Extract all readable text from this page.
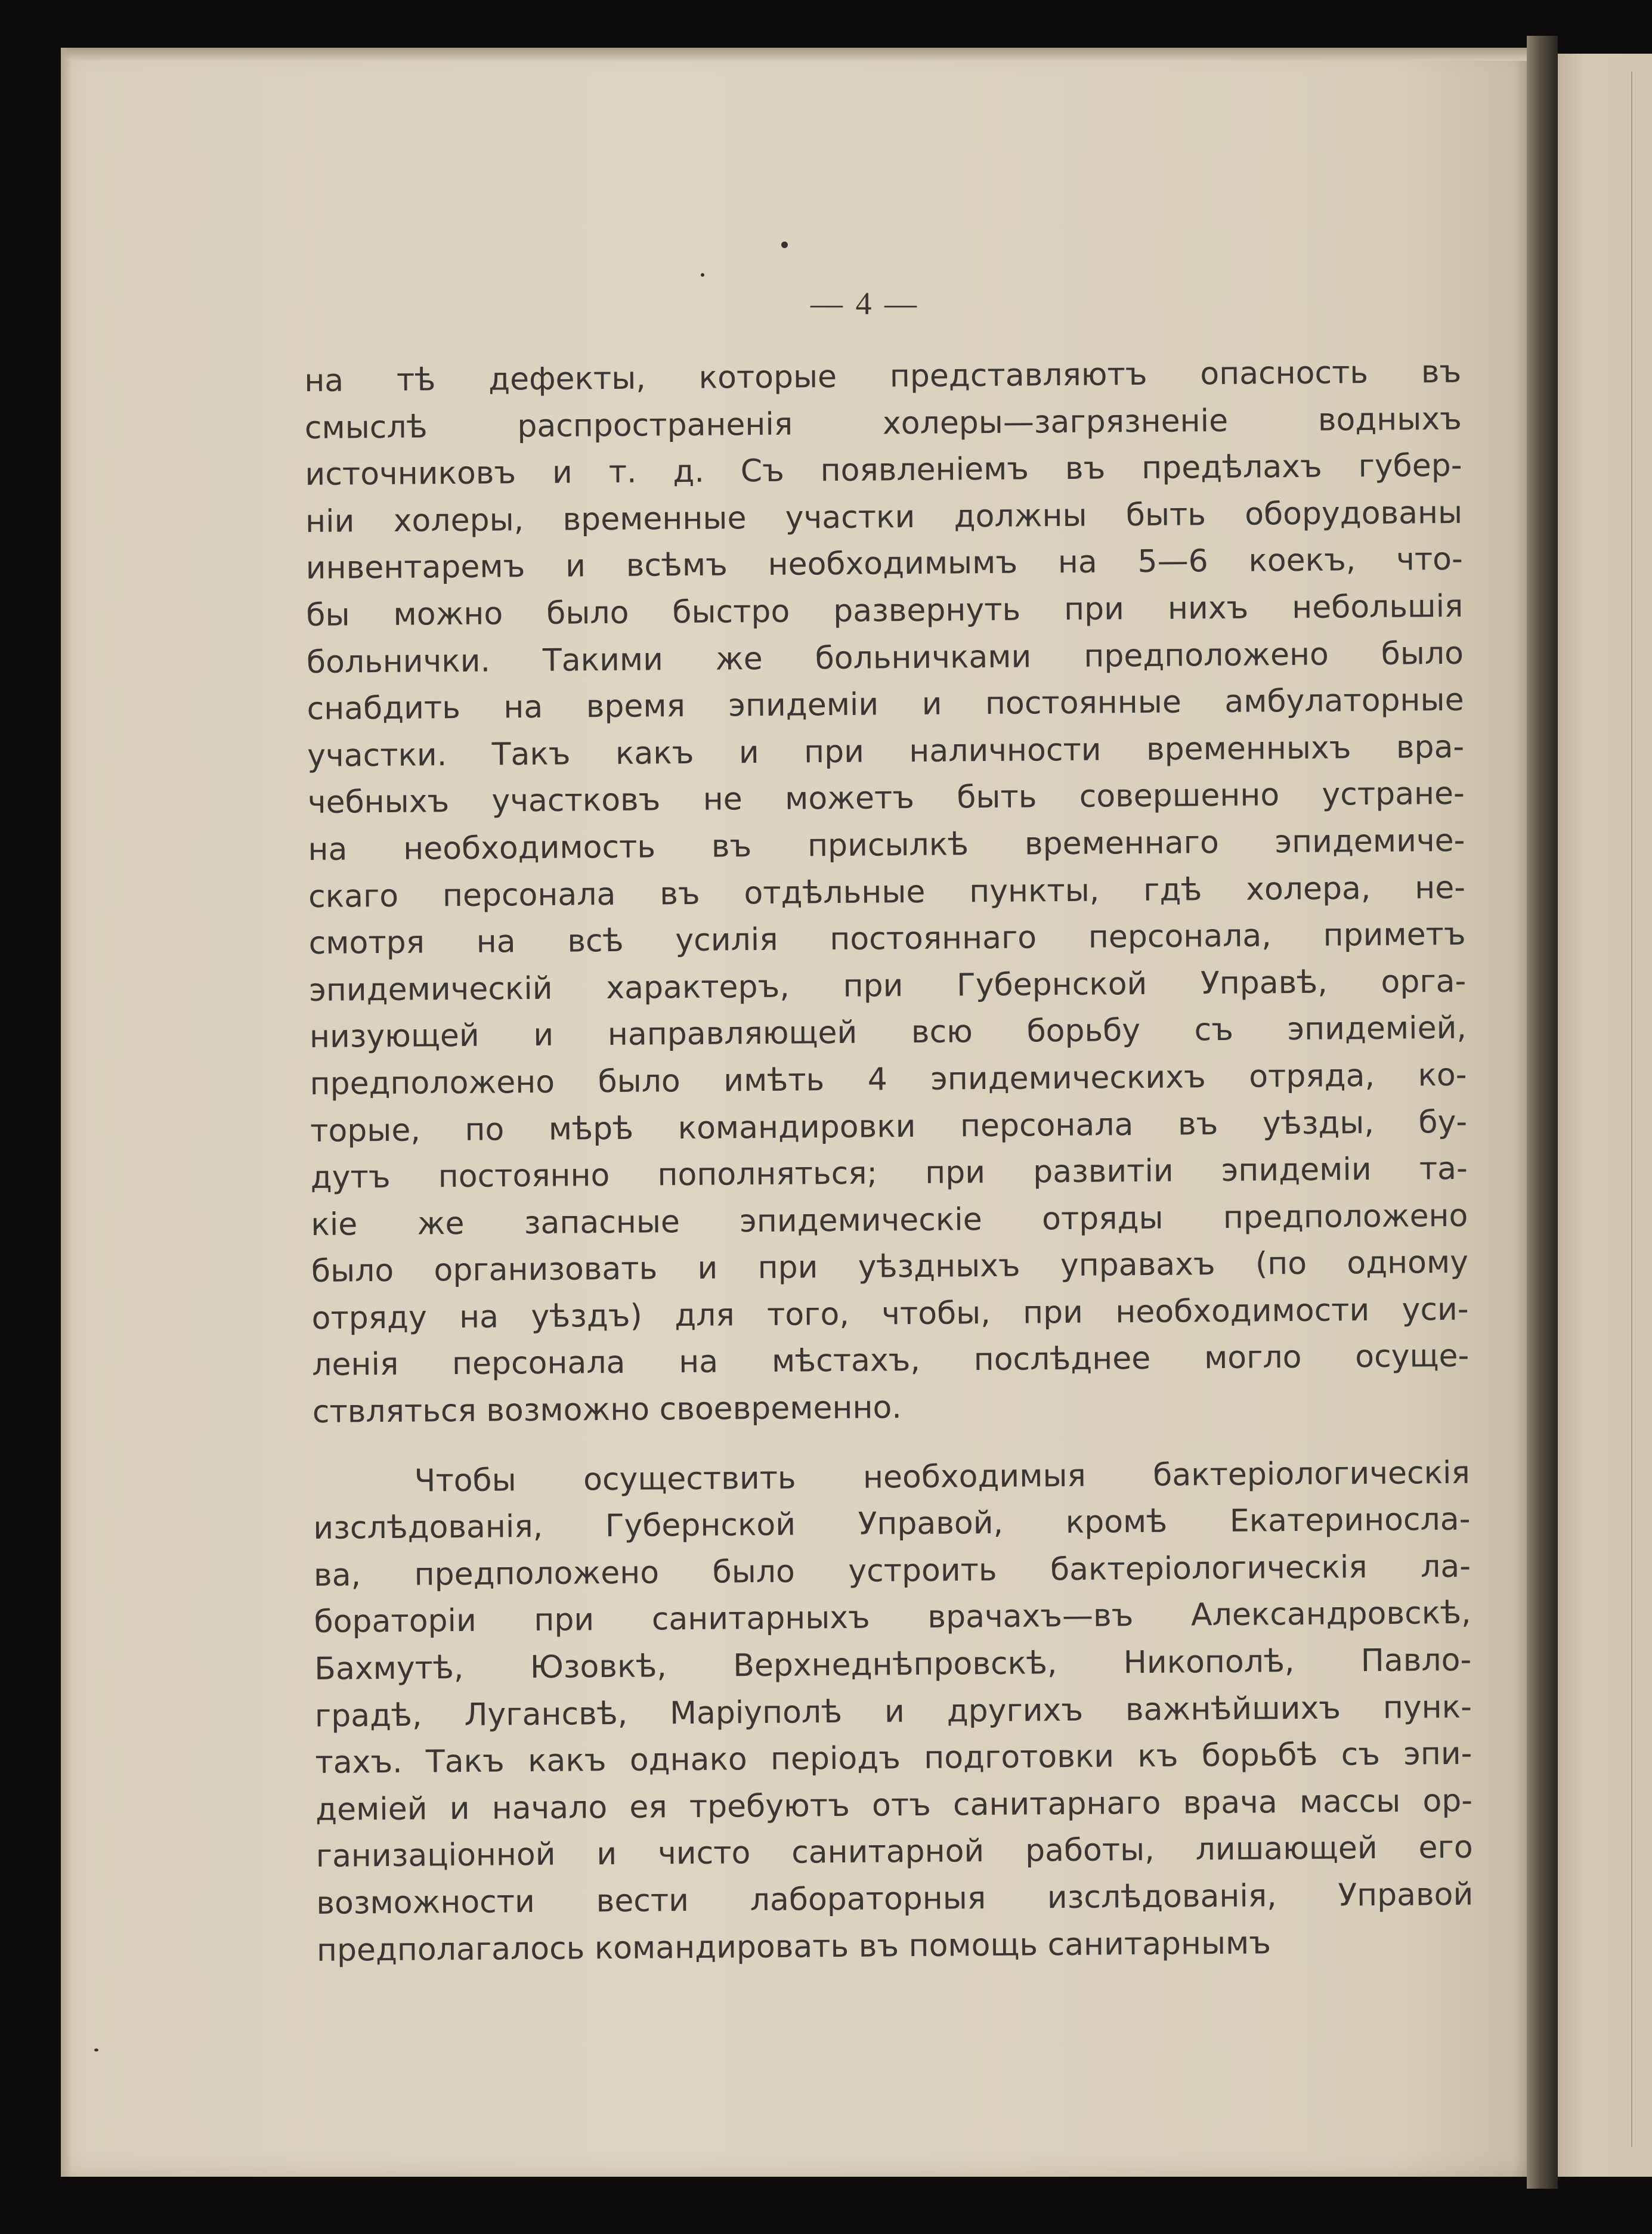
— 4 —
на тѣ дефекты, которые представляютъ опасность въ
смыслѣ распространенія холеры—загрязненіе водныхъ
источниковъ и т. д. Съ появленіемъ въ предѣлахъ губер-
ніи холеры, временные участки должны быть оборудованы
инвентаремъ и всѣмъ необходимымъ на 5—6 коекъ, что-
бы можно было быстро развернуть при нихъ небольшія
больнички. Такими же больничками предположено было
снабдить на время эпидеміи и постоянные амбулаторные
участки. Такъ какъ и при наличности временныхъ вра-
чебныхъ участковъ не можетъ быть совершенно устране-
на необходимость въ присылкѣ временнаго эпидемиче-
скаго персонала въ отдѣльные пункты, гдѣ холера, не-
смотря на всѣ усилія постояннаго персонала, приметъ
эпидемическій характеръ, при Губернской Управѣ, орга-
низующей и направляющей всю борьбу съ эпидеміей,
предположено было имѣть 4 эпидемическихъ отряда, ко-
торые, по мѣрѣ командировки персонала въ уѣзды, бу-
дутъ постоянно пополняться; при развитіи эпидеміи та-
кіе же запасные эпидемическіе отряды предположено
было организовать и при уѣздныхъ управахъ (по одному
отряду на уѣздъ) для того, чтобы, при необходимости уси-
ленія персонала на мѣстахъ, послѣднее могло осуще-
ствляться возможно своевременно.
Чтобы осуществить необходимыя бактеріологическія
изслѣдованія, Губернской Управой, кромѣ Екатериносла-
ва, предположено было устроить бактеріологическія ла-
бораторіи при санитарныхъ врачахъ—въ Александровскѣ,
Бахмутѣ, Юзовкѣ, Верхнеднѣпровскѣ, Никополѣ, Павло-
градѣ, Лугансвѣ, Маріуполѣ и другихъ важнѣйшихъ пунк-
тахъ. Такъ какъ однако періодъ подготовки къ борьбѣ съ эпи-
деміей и начало ея требуютъ отъ санитарнаго врача массы ор-
ганизаціонной и чисто санитарной работы, лишающей его
возможности вести лабораторныя изслѣдованія, Управой
предполагалось командировать въ помощь санитарнымъ
